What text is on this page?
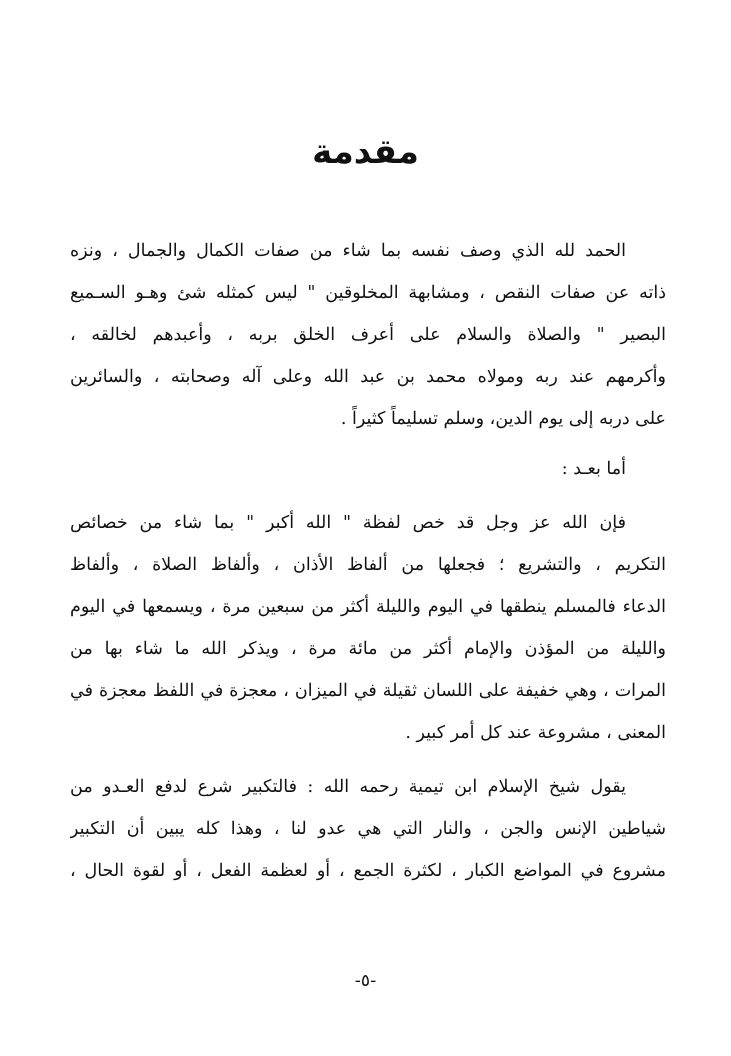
مقدمة
الحمد لله الذي وصف نفسه بما شاء من صفات الكمال والجمال ، ونزه
ذاته عن صفات النقص ، ومشابهة المخلوقين " ليس كمثله شئ وهـو السـميع
البصير " والصلاة والسلام على أعرف الخلق بربه ، وأعبدهم لخالقه ،
وأكرمهم عند ربه ومولاه محمد بن عبد الله وعلى آله وصحابته ، والسائرين
على دربه إلى يوم الدين، وسلم تسليماً كثيراً .
أما بعـد :
فإن الله عز وجل قد خص لفظة " الله أكبر " بما شاء من خصائص
التكريم ، والتشريع ؛ فجعلها من ألفاظ الأذان ، وألفاظ الصلاة ، وألفاظ
الدعاء فالمسلم ينطقها في اليوم والليلة أكثر من سبعين مرة ، ويسمعها في اليوم
والليلة من المؤذن والإمام أكثر من مائة مرة ، ويذكر الله ما شاء بها من
المرات ، وهي خفيفة على اللسان ثقيلة في الميزان ، معجزة في اللفظ معجزة في
المعنى ، مشروعة عند كل أمر كبير .
يقول شيخ الإسلام ابن تيمية رحمه الله : فالتكبير شرع لدفع العـدو من
شياطين الإنس والجن ، والنار التي هي عدو لنا ، وهذا كله يبين أن التكبير
مشروع في المواضع الكبار ، لكثرة الجمع ، أو لعظمة الفعل ، أو لقوة الحال ،
-٥-
